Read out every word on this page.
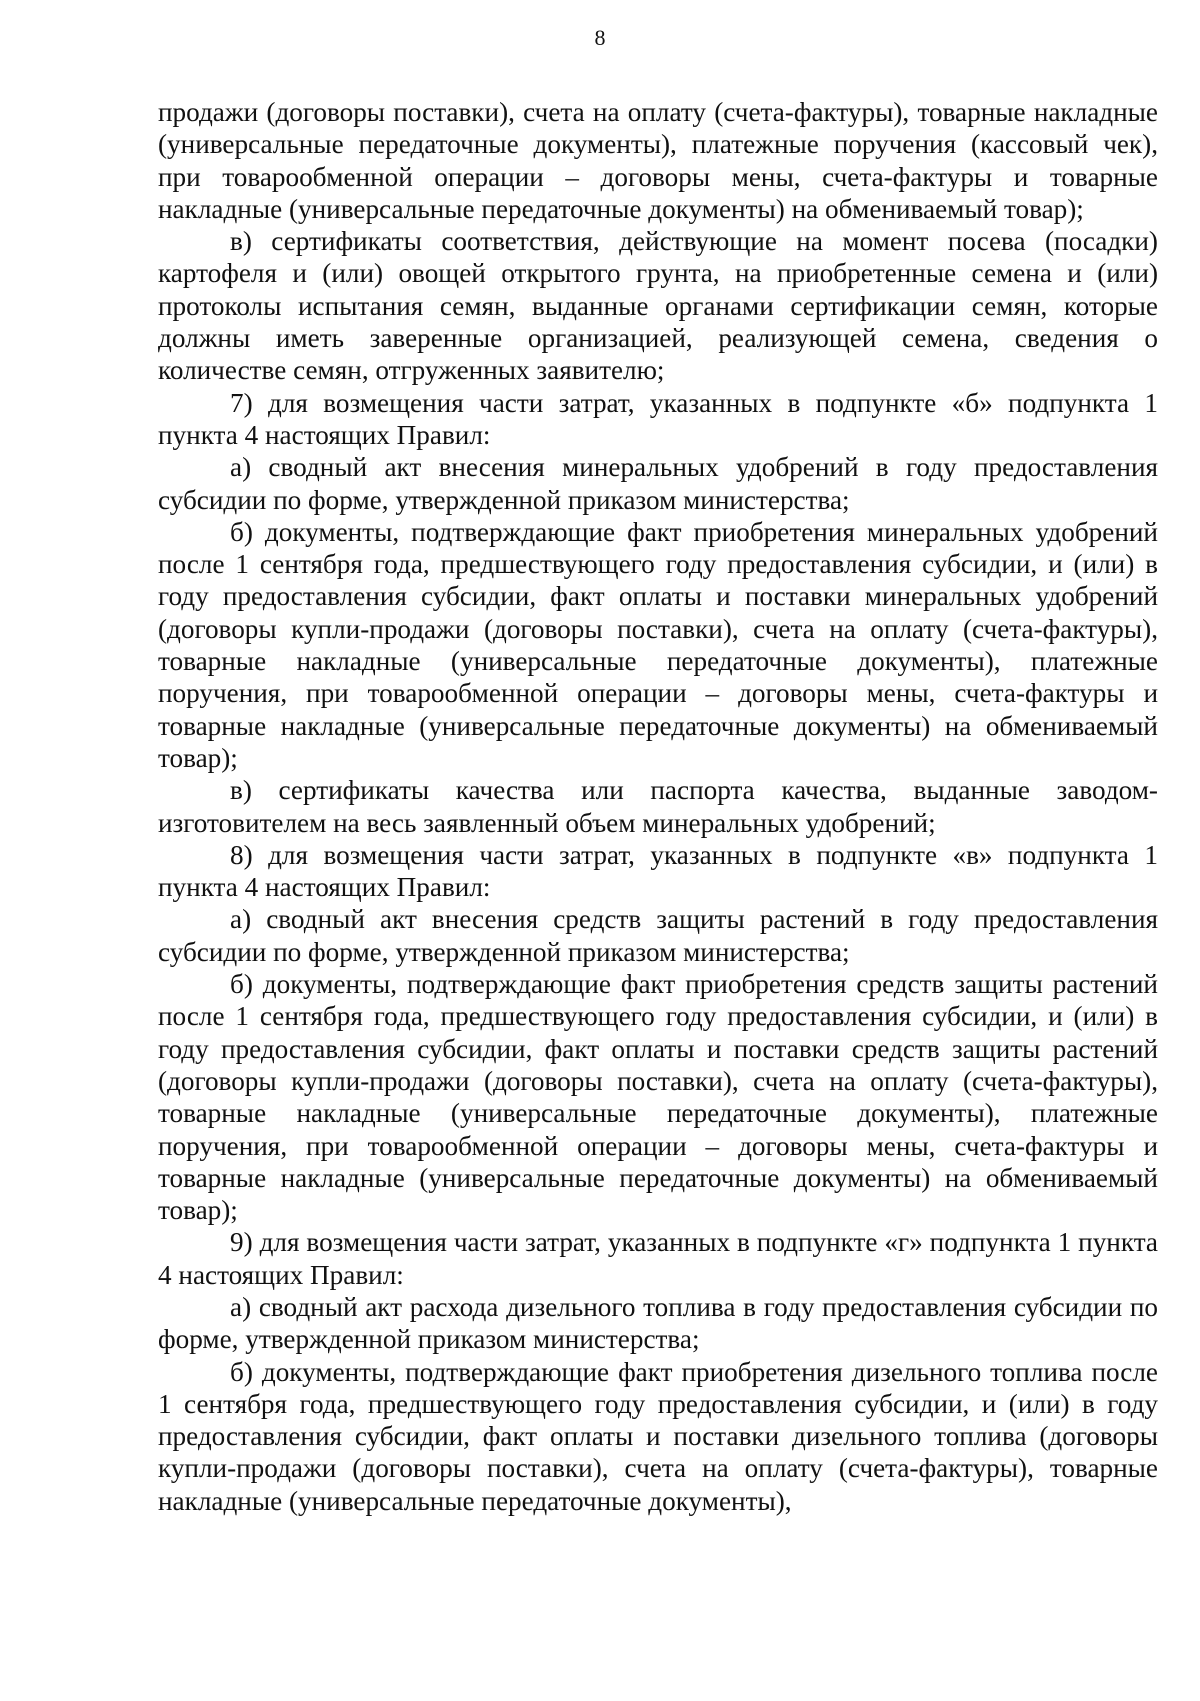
8

продажи (договоры поставки), счета на оплату (счета-фактуры), товарные накладные (универсальные передаточные документы), платежные поручения (кассовый чек), при товарообменной операции – договоры мены, счета-фактуры и товарные накладные (универсальные передаточные документы) на обмениваемый товар);

в) сертификаты соответствия, действующие на момент посева (посадки) картофеля и (или) овощей открытого грунта, на приобретенные семена и (или) протоколы испытания семян, выданные органами сертификации семян, которые должны иметь заверенные организацией, реализующей семена, сведения о количестве семян, отгруженных заявителю;

7) для возмещения части затрат, указанных в подпункте «б» подпункта 1 пункта 4 настоящих Правил:

а) сводный акт внесения минеральных удобрений в году предоставления субсидии по форме, утвержденной приказом министерства;

б) документы, подтверждающие факт приобретения минеральных удобрений после 1 сентября года, предшествующего году предоставления субсидии, и (или) в году предоставления субсидии, факт оплаты и поставки минеральных удобрений (договоры купли-продажи (договоры поставки), счета на оплату (счета-фактуры), товарные накладные (универсальные передаточные документы), платежные поручения, при товарообменной операции – договоры мены, счета-фактуры и товарные накладные (универсальные передаточные документы) на обмениваемый товар);

в) сертификаты качества или паспорта качества, выданные заводом-изготовителем на весь заявленный объем минеральных удобрений;

8) для возмещения части затрат, указанных в подпункте «в» подпункта 1 пункта 4 настоящих Правил:

а) сводный акт внесения средств защиты растений в году предоставления субсидии по форме, утвержденной приказом министерства;

б) документы, подтверждающие факт приобретения средств защиты растений после 1 сентября года, предшествующего году предоставления субсидии, и (или) в году предоставления субсидии, факт оплаты и поставки средств защиты растений (договоры купли-продажи (договоры поставки), счета на оплату (счета-фактуры), товарные накладные (универсальные передаточные документы), платежные поручения, при товарообменной операции – договоры мены, счета-фактуры и товарные накладные (универсальные передаточные документы) на обмениваемый товар);

9) для возмещения части затрат, указанных в подпункте «г» подпункта 1 пункта 4 настоящих Правил:

а) сводный акт расхода дизельного топлива в году предоставления субсидии по форме, утвержденной приказом министерства;

б) документы, подтверждающие факт приобретения дизельного топлива после 1 сентября года, предшествующего году предоставления субсидии, и (или) в году предоставления субсидии, факт оплаты и поставки дизельного топлива (договоры купли-продажи (договоры поставки), счета на оплату (счета-фактуры), товарные накладные (универсальные передаточные документы),
